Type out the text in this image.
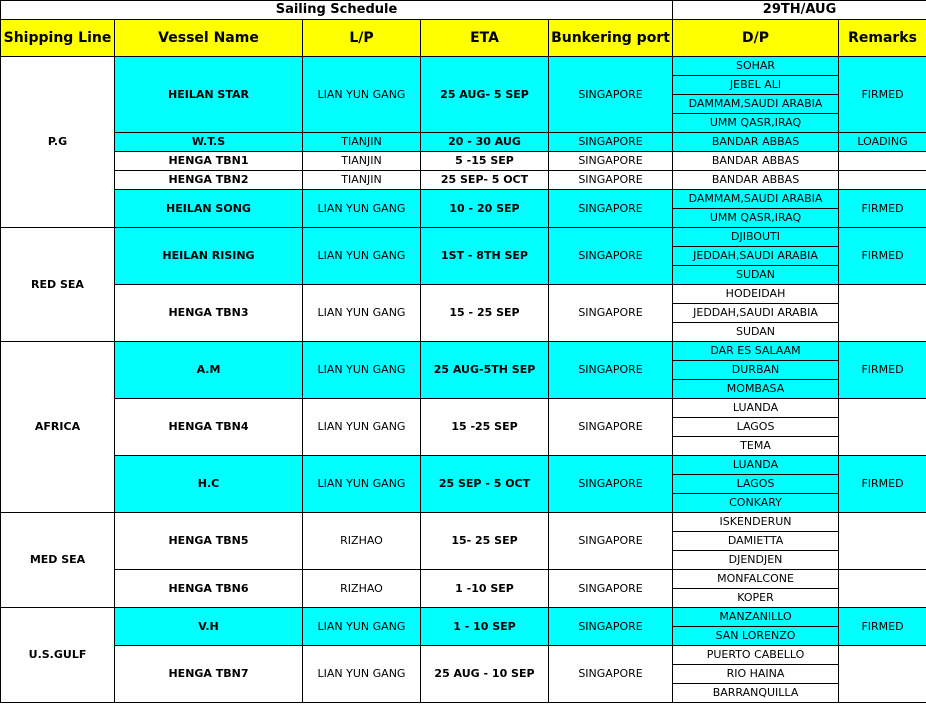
Sailing Schedule					29TH/AUG	
Shipping Line	Vessel Name	L/P	ETA	Bunkering port	D/P	Remarks
P.G	HEILAN STAR	LIAN YUN GANG	25 AUG- 5 SEP	SINGAPORE	SOHAR	FIRMED
					JEBEL ALI	
					DAMMAM,SAUDI ARABIA	
					UMM QASR,IRAQ	
	W.T.S	TIANJIN	20 - 30 AUG	SINGAPORE	BANDAR ABBAS	LOADING
	HENGA TBN1	TIANJIN	5 -15 SEP	SINGAPORE	BANDAR ABBAS	
	HENGA TBN2	TIANJIN	25 SEP- 5 OCT	SINGAPORE	BANDAR ABBAS	
	HEILAN SONG	LIAN YUN GANG	10 - 20 SEP	SINGAPORE	DAMMAM,SAUDI ARABIA	FIRMED
					UMM QASR,IRAQ	
RED SEA	HEILAN RISING	LIAN YUN GANG	1ST - 8TH SEP	SINGAPORE	DJIBOUTI	FIRMED
					JEDDAH,SAUDI ARABIA	
					SUDAN	
	HENGA TBN3	LIAN YUN GANG	15 - 25 SEP	SINGAPORE	HODEIDAH	
					JEDDAH,SAUDI ARABIA	
					SUDAN	
AFRICA	A.M	LIAN YUN GANG	25 AUG-5TH SEP	SINGAPORE	DAR ES SALAAM	FIRMED
					DURBAN	
					MOMBASA	
	HENGA TBN4	LIAN YUN GANG	15 -25 SEP	SINGAPORE	LUANDA	
					LAGOS	
					TEMA	
	H.C	LIAN YUN GANG	25 SEP - 5 OCT	SINGAPORE	LUANDA	FIRMED
					LAGOS	
					CONKARY	
MED SEA	HENGA TBN5	RIZHAO	15- 25 SEP	SINGAPORE	ISKENDERUN	
					DAMIETTA	
					DJENDJEN	
	HENGA TBN6	RIZHAO	1 -10 SEP	SINGAPORE	MONFALCONE	
					KOPER	
U.S.GULF	V.H	LIAN YUN GANG	1 - 10 SEP	SINGAPORE	MANZANILLO	FIRMED
					SAN LORENZO	
	HENGA TBN7	LIAN YUN GANG	25 AUG - 10 SEP	SINGAPORE	PUERTO CABELLO	
					RIO HAINA	
					BARRANQUILLA	
